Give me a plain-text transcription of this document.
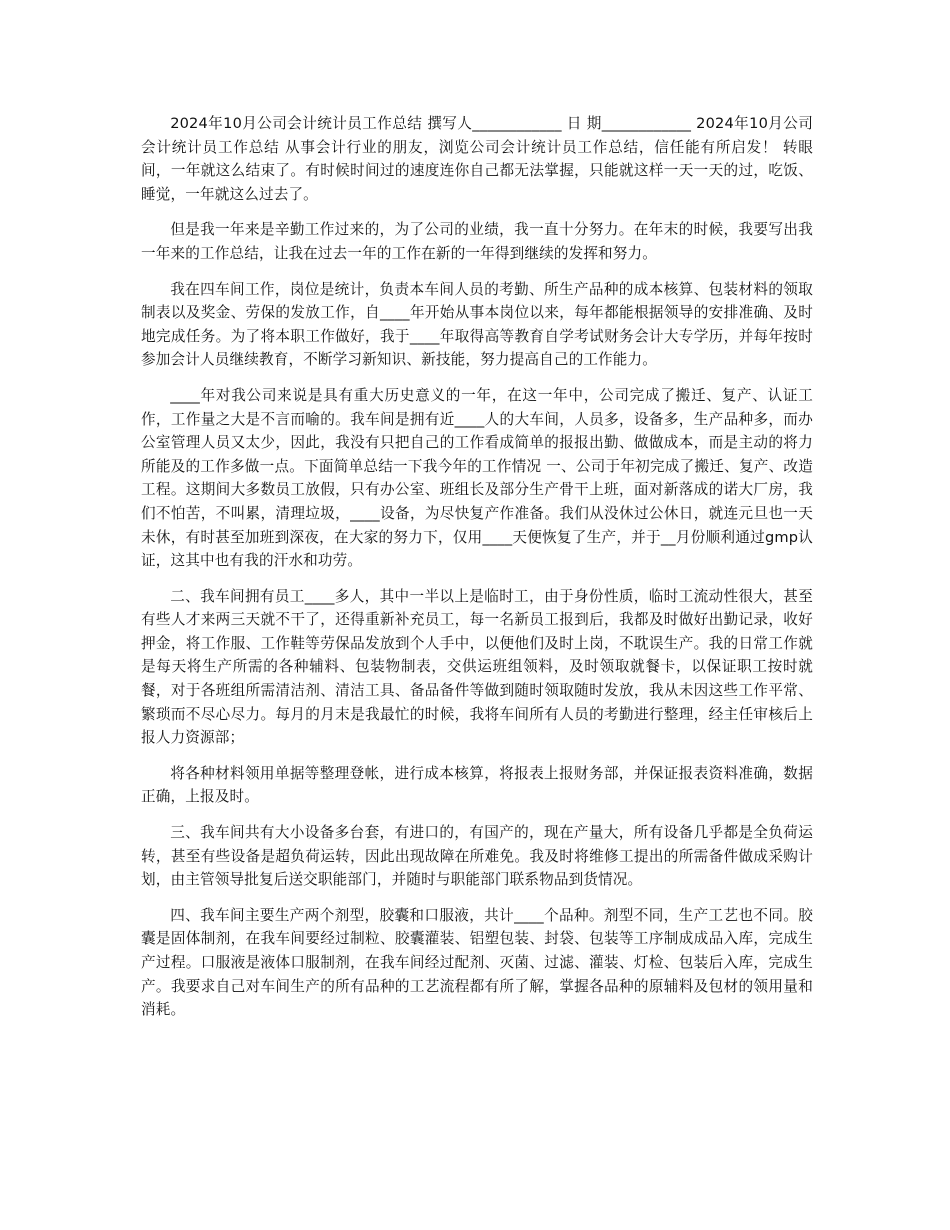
2024年10月公司会计统计员工作总结 撰写人____________ 日 期____________ 2024年10月公司会计统计员工作总结 从事会计行业的朋友，浏览公司会计统计员工作总结，信任能有所启发！ 转眼间，一年就这么结束了。有时候时间过的速度连你自己都无法掌握，只能就这样一天一天的过，吃饭、睡觉，一年就这么过去了。

但是我一年来是辛勤工作过来的，为了公司的业绩，我一直十分努力。在年末的时候，我要写出我一年来的工作总结，让我在过去一年的工作在新的一年得到继续的发挥和努力。

我在四车间工作，岗位是统计，负责本车间人员的考勤、所生产品种的成本核算、包装材料的领取制表以及奖金、劳保的发放工作，自____年开始从事本岗位以来，每年都能根据领导的安排准确、及时地完成任务。为了将本职工作做好，我于____年取得高等教育自学考试财务会计大专学历，并每年按时参加会计人员继续教育，不断学习新知识、新技能，努力提高自己的工作能力。

____年对我公司来说是具有重大历史意义的一年，在这一年中，公司完成了搬迁、复产、认证工作，工作量之大是不言而喻的。我车间是拥有近____人的大车间，人员多，设备多，生产品种多，而办公室管理人员又太少，因此，我没有只把自己的工作看成简单的报报出勤、做做成本，而是主动的将力所能及的工作多做一点。下面简单总结一下我今年的工作情况 一、公司于年初完成了搬迁、复产、改造工程。这期间大多数员工放假，只有办公室、班组长及部分生产骨干上班，面对新落成的诺大厂房，我们不怕苦，不叫累，清理垃圾，____设备，为尽快复产作准备。我们从没休过公休日，就连元旦也一天未休，有时甚至加班到深夜，在大家的努力下，仅用____天便恢复了生产，并于__月份顺利通过gmp认证，这其中也有我的汗水和功劳。

二、我车间拥有员工____多人，其中一半以上是临时工，由于身份性质，临时工流动性很大，甚至有些人才来两三天就不干了，还得重新补充员工，每一名新员工报到后，我都及时做好出勤记录，收好押金，将工作服、工作鞋等劳保品发放到个人手中，以便他们及时上岗，不耽误生产。我的日常工作就是每天将生产所需的各种辅料、包装物制表，交供运班组领料，及时领取就餐卡，以保证职工按时就餐，对于各班组所需清洁剂、清洁工具、备品备件等做到随时领取随时发放，我从未因这些工作平常、繁琐而不尽心尽力。每月的月末是我最忙的时候，我将车间所有人员的考勤进行整理，经主任审核后上报人力资源部；

将各种材料领用单据等整理登帐，进行成本核算，将报表上报财务部，并保证报表资料准确，数据正确，上报及时。

三、我车间共有大小设备多台套，有进口的，有国产的，现在产量大，所有设备几乎都是全负荷运转，甚至有些设备是超负荷运转，因此出现故障在所难免。我及时将维修工提出的所需备件做成采购计划，由主管领导批复后送交职能部门，并随时与职能部门联系物品到货情况。

四、我车间主要生产两个剂型，胶囊和口服液，共计____个品种。剂型不同，生产工艺也不同。胶囊是固体制剂，在我车间要经过制粒、胶囊灌装、铝塑包装、封袋、包装等工序制成成品入库，完成生产过程。口服液是液体口服制剂，在我车间经过配剂、灭菌、过滤、灌装、灯检、包装后入库，完成生产。我要求自己对车间生产的所有品种的工艺流程都有所了解，掌握各品种的原辅料及包材的领用量和消耗。
